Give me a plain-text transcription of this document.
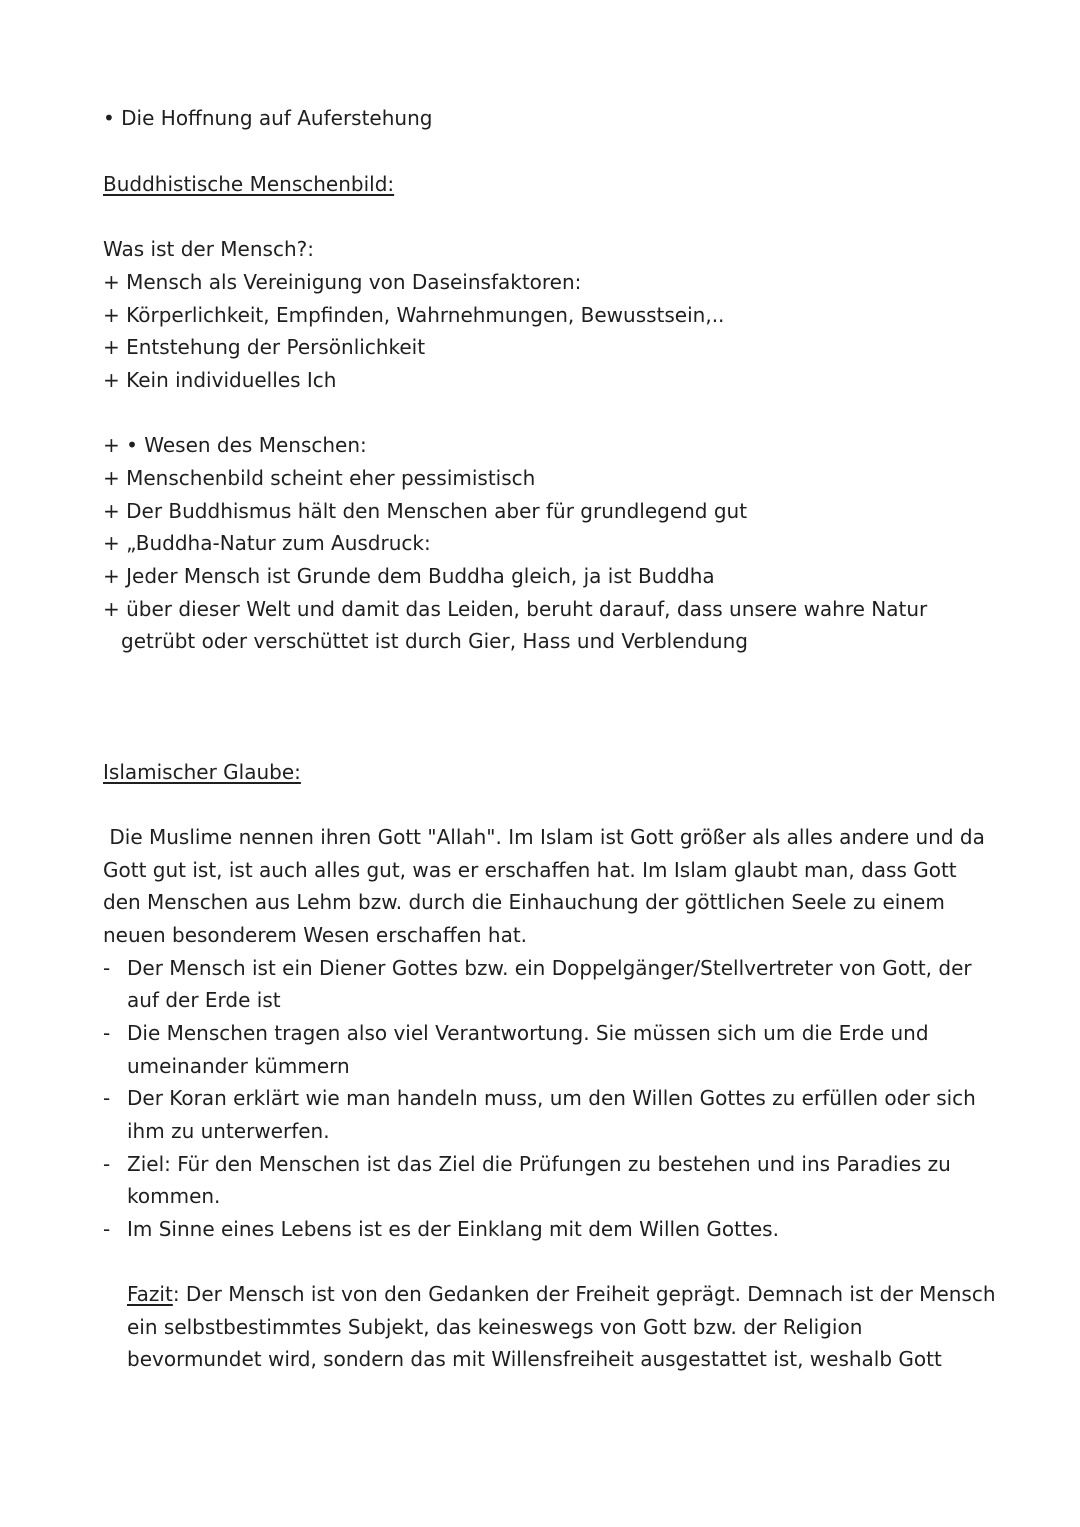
• Die Hoffnung auf Auferstehung
Buddhistische Menschenbild:
Was ist der Mensch?:
+ Mensch als Vereinigung von Daseinsfaktoren:
+ Körperlichkeit, Empfinden, Wahrnehmungen, Bewusstsein,..
+ Entstehung der Persönlichkeit
+ Kein individuelles Ich
+ • Wesen des Menschen:
+ Menschenbild scheint eher pessimistisch
+ Der Buddhismus hält den Menschen aber für grundlegend gut
+ „Buddha-Natur zum Ausdruck:
+ Jeder Mensch ist Grunde dem Buddha gleich, ja ist Buddha
+ über dieser Welt und damit das Leiden, beruht darauf, dass unsere wahre Natur
getrübt oder verschüttet ist durch Gier, Hass und Verblendung
Islamischer Glaube:
Die Muslime nennen ihren Gott "Allah". Im Islam ist Gott größer als alles andere und da
Gott gut ist, ist auch alles gut, was er erschaffen hat. Im Islam glaubt man, dass Gott
den Menschen aus Lehm bzw. durch die Einhauchung der göttlichen Seele zu einem
neuen besonderem Wesen erschaffen hat.
- Der Mensch ist ein Diener Gottes bzw. ein Doppelgänger/Stellvertreter von Gott, der
auf der Erde ist
- Die Menschen tragen also viel Verantwortung. Sie müssen sich um die Erde und
umeinander kümmern
- Der Koran erklärt wie man handeln muss, um den Willen Gottes zu erfüllen oder sich
ihm zu unterwerfen.
- Ziel: Für den Menschen ist das Ziel die Prüfungen zu bestehen und ins Paradies zu
kommen.
- Im Sinne eines Lebens ist es der Einklang mit dem Willen Gottes.
Fazit: Der Mensch ist von den Gedanken der Freiheit geprägt. Demnach ist der Mensch
ein selbstbestimmtes Subjekt, das keineswegs von Gott bzw. der Religion
bevormundet wird, sondern das mit Willensfreiheit ausgestattet ist, weshalb Gott
